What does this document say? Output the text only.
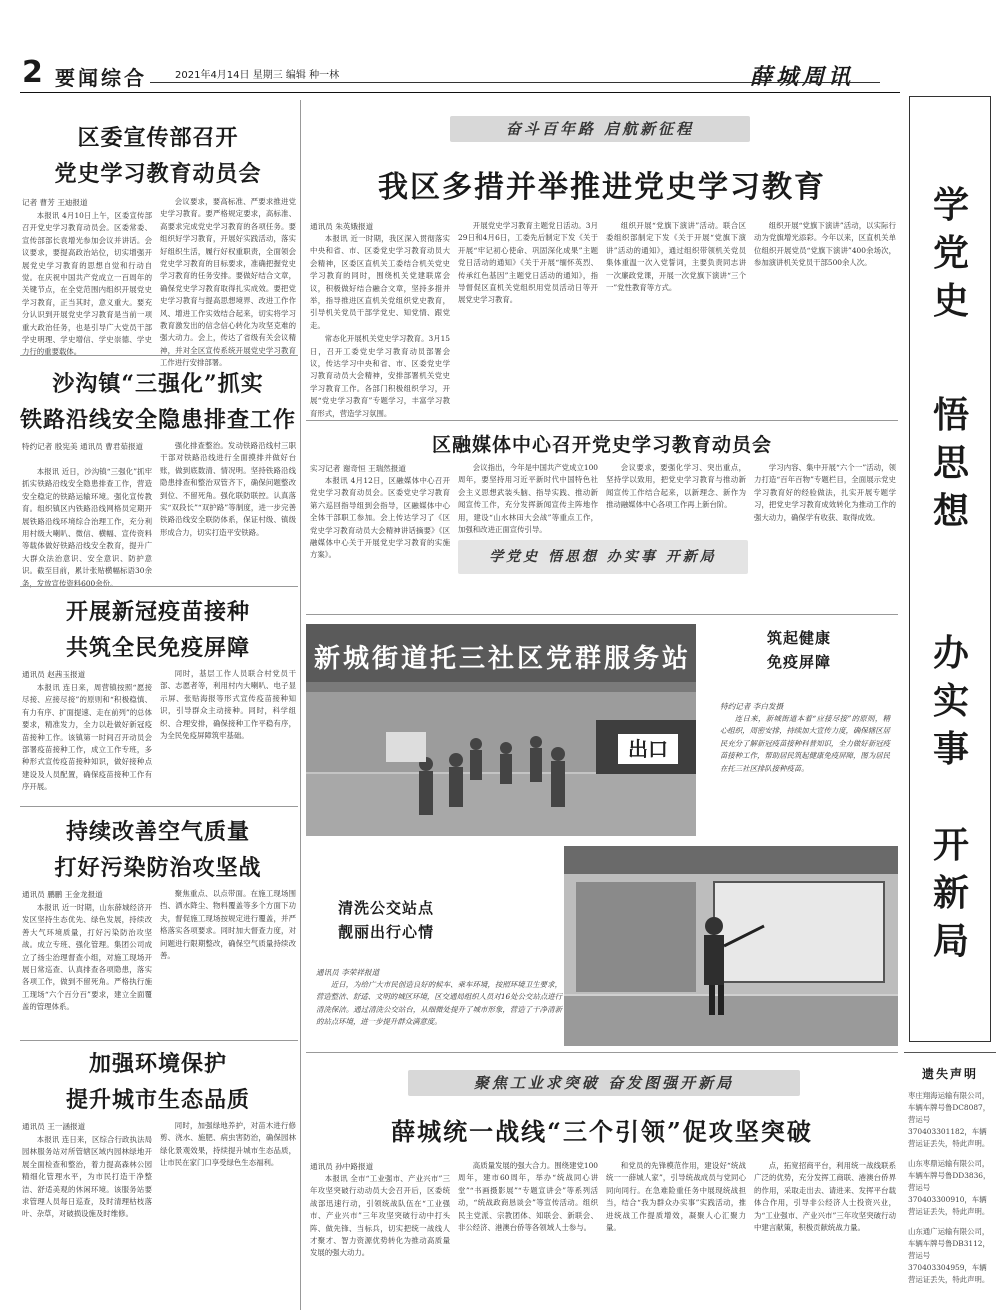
2 要闻综合	2021年4月14日 星期三 编辑 种一林	薛城周讯
区委宣传部召开
党史学习教育动员会
记者 曹芳 王迪报道

本报讯 4月10日上午，区委宣传部召开党史学习教育动员会。区委常委、宣传部部长袁增光参加会议并讲话。会议要求，要提高政治站位，切实增强开展党史学习教育的思想自觉和行动自觉。在庆祝中国共产党成立一百周年的关键节点，在全党范围内组织开展党史学习教育，正当其时，意义重大。要充分认识到开展党史学习教育是当前一项重大政治任务，也是引导广大党员干部学史明理、学史增信、学史崇德、学史力行的重要载体。

会议要求，要高标准、严要求推进党史学习教育。要严格规定要求，高标准、高要求完成党史学习教育的各项任务。要组织好学习教育，开展好实践活动，落实好组织生活，履行好权重职责，全面领会党史学习教育的目标要求，准确把握党史学习教育的任务安排。要做好结合文章，确保党史学习教育取得扎实成效。要把党史学习教育与提高思想境界、改进工作作风、增进工作实效结合起来，切实将学习教育激发出的信念信心转化为攻坚克难的强大动力。会上，传达了省级有关会议精神，并对全区宣传系统开展党史学习教育工作进行安排部署。

沙沟镇“三强化”抓实
铁路沿线安全隐患排查工作
特约记者 殷宪美 通讯员 曹君茹报道

本报讯 近日，沙沟镇“三强化”抓牢抓实铁路沿线安全隐患排查工作，营造安全稳定的铁路运输环境。强化宣传教育。组织镇区内铁路沿线网格员定期开展铁路沿线环境综合治理工作，充分利用村级大喇叭、微信、横幅、宣传资料等载体做好铁路沿线安全教育，提升广大群众法治意识、安全意识、防护意识。截至目前，累计张贴横幅标语30余条，发放宣传资料600余份。

强化排查整治。发动铁路沿线村三职干部对铁路沿线进行全面摸排并做好台账，做到底数清、情况明。坚持铁路沿线隐患排查和整治双管齐下，确保问题整改到位、不留死角。强化联防联控。认真落实“双段长”“双护路”等制度，进一步完善铁路沿线安全联防体系，保证村级、镇级形成合力，切实打造平安铁路。

开展新冠疫苗接种
共筑全民免疫屏障
通讯员 赵茜玉报道

本报讯 连日来，周营镇按照“愿接尽接、应接尽接”的原则和“积极稳慎、有力有序、扩面提速、走在前列”的总体要求，精准发力，全力以赴做好新冠疫苗接种工作。该镇第一时间召开动员会部署疫苗接种工作，成立工作专班，多种形式宣传疫苗接种知识，做好接种点建设及人员配置，确保疫苗接种工作有序开展。

同时，基层工作人员联合村党员干部、志愿者等，利用村内大喇叭、电子显示屏、张贴海报等形式宣传疫苗接种知识，引导群众主动接种。同时，科学组织、合理安排，确保接种工作平稳有序，为全民免疫屏障筑牢基础。

持续改善空气质量
打好污染防治攻坚战
通讯员 鹏鹏 王金龙报道

本报讯 近一时期，山东薛城经济开发区坚持生态优先、绿色发展，持续改善大气环境质量，打好污染防治攻坚战。成立专班、强化管理。集团公司成立了扬尘治理督查小组，对施工现场开展日常巡查、认真排查各项隐患，落实各项工作，做到不留死角。严格执行施工现场“六个百分百”要求，建立全面覆盖的管理体系。

聚焦重点、以点带面。在施工现场围挡、洒水降尘、物料覆盖等多个方面下功夫，督促施工现场按规定进行覆盖，并严格落实各项要求。同时加大督查力度，对问题进行限期整改，确保空气质量持续改善。

加强环境保护
提升城市生态品质
通讯员 王一涵报道

本报讯 连日来，区综合行政执法局园林服务站对所管辖区域内园林绿地开展全面检查和整治，着力提高森林公园精细化管理水平，为市民打造干净整洁、舒适美观的休闲环境。该服务站要求管理人员每日巡查，及时清理枯枝落叶、杂草，对破损设施及时维修。

同时，加强绿地养护，对苗木进行修剪、浇水、施肥、病虫害防治，确保园林绿化景观效果，持续提升城市生态品质，让市民在家门口享受绿色生态福利。

奋斗百年路 启航新征程
我区多措并举推进党史学习教育
通讯员 朱英娥报道

本报讯 近一时期，我区深入贯彻落实中央和省、市、区委党史学习教育动员大会精神，区委区直机关工委结合机关党史学习教育的同时，围绕机关党建联席会议，积极做好结合融合文章，坚持多措并举，指导推进区直机关党组织党史教育，引导机关党员干部学党史、知党情、跟党走。

常态化开展机关党史学习教育。3月15日，召开工委党史学习教育动员部署会议，传达学习中央和省、市、区委党史学习教育动员大会精神，安排部署机关党史学习教育工作。各部门积极组织学习，开展“党史学习教育”专题学习，丰富学习教育形式，营造学习氛围。

开展党史学习教育主题党日活动。3月29日和4月6日，工委先后制定下发《关于开展“牢记初心使命、巩固深化成果”主题党日活动的通知》《关于开展“缅怀英烈、传承红色基因”主题党日活动的通知》，指导督促区直机关党组织用党员活动日等开展党史学习教育。

组织开展“党旗下演讲”活动。联合区委组织部制定下发《关于开展“党旗下演讲”活动的通知》，通过组织带领机关党员集体重温一次入党誓词，主要负责同志讲一次廉政党课，开展一次党旗下演讲“三个一”党性教育等方式。

组织开展“党旗下演讲”活动，以实际行动为党旗增光添彩。今年以来，区直机关单位组织开展党员“党旗下演讲”400余场次，参加演讲机关党员干部500余人次。

区融媒体中心召开党史学习教育动员会
实习记者 谢奇恒 王瑞然报道

本报讯 4月12日，区融媒体中心召开党史学习教育动员会。区委党史学习教育第六巡回指导组到会指导，区融媒体中心全体干部职工参加。会上传达学习了《区党史学习教育动员大会精神讲话摘要》《区融媒体中心关于开展党史学习教育的实施方案》。

会议指出，今年是中国共产党成立100周年，要坚持用习近平新时代中国特色社会主义思想武装头脑、指导实践、推动新闻宣传工作，充分发挥新闻宣传主阵地作用，建设“山水林田大会战”等重点工作，加强和改进正面宣传引导。

会议要求，要强化学习、突出重点，坚持学以致用，把党史学习教育与推动新闻宣传工作结合起来，以新理念、新作为推动融媒体中心各项工作再上新台阶。

学习内容、集中开展“六个一”活动，领力打造“百年百物”专题栏目，全面展示党史学习教育好的经验做法，扎实开展专题学习，把党史学习教育成效转化为推动工作的强大动力，确保学有收获、取得成效。

学党史 悟思想 办实事 开新局
新城街道托三社区党群服务站
出口
筑起健康
免疫屏障
特约记者 李白发摄

连日来，新城街道本着“应接尽接”的原则，精心组织，周密安排，持续加大宣传力度，确保辖区居民充分了解新冠疫苗接种科普知识，全力做好新冠疫苗接种工作，帮助居民筑起健康免疫屏障，图为居民在托三社区排队接种疫苗。

清洗公交站点
靓丽出行心情
通讯员 李荣祥报道

近日，为给广大市民创造良好的候车、乘车环境，按照环境卫生要求，营造整洁、舒适、文明的城区环境，区交通局组织人员对16处公交站点进行清洗保洁。通过清洗公交站台，从细微处提升了城市形象，营造了干净清新的站点环境，进一步提升群众满意度。

聚焦工业求突破 奋发图强开新局
薛城统一战线“三个引领”促攻坚突破
通讯员 孙中路报道

本报讯 全市“工业强市、产业兴市”三年攻坚突破行动动员大会召开后，区委统战部迅速行动，引领统战队伍在“工业强市、产业兴市”三年攻坚突破行动中打头阵、做先锋、当标兵，切实把统一战线人才聚才、智力资源优势转化为推动高质量发展的强大动力。

高质量发展的强大合力。围绕建党100周年，建市60周年，举办“统战同心讲堂”“书画摄影展”“专题宣讲会”等系列活动，“统战政商恳谈会”等宣传活动。组织民主党派、宗教团体、知联会、新联会、非公经济、港澳台侨等各领域人士参与。

和党员的先锋模范作用，建设好“统战统一一薛城人家”，引导统战成员与党同心同向同行。在急难险重任务中展现统战担当，结合“我为群众办实事”实践活动，推进统战工作提质增效，凝聚人心汇聚力量。

点，拓宽招商平台，利用统一战线联系广泛的优势，充分发挥工商联、港澳台侨界的作用，采取走出去、请进来、发挥平台载体合作用，引导非公经济人士投资兴业，为“工业强市、产业兴市”三年攻坚突破行动中建言献策，积极贡献统战力量。

学
党
史
悟
思
想
办
实
事
开
新
局
遗失声明
枣庄翔海运输有限公司，车辆车牌号鲁DC8087，营运号370403301182，车辆营运证丢失，特此声明。
山东枣鼎运输有限公司，车辆车牌号鲁DD3836，营运号370403300910，车辆营运证丢失，特此声明。
山东通广运输有限公司，车辆车牌号鲁DB3112，营运号370403304959，车辆营运证丢失，特此声明。
